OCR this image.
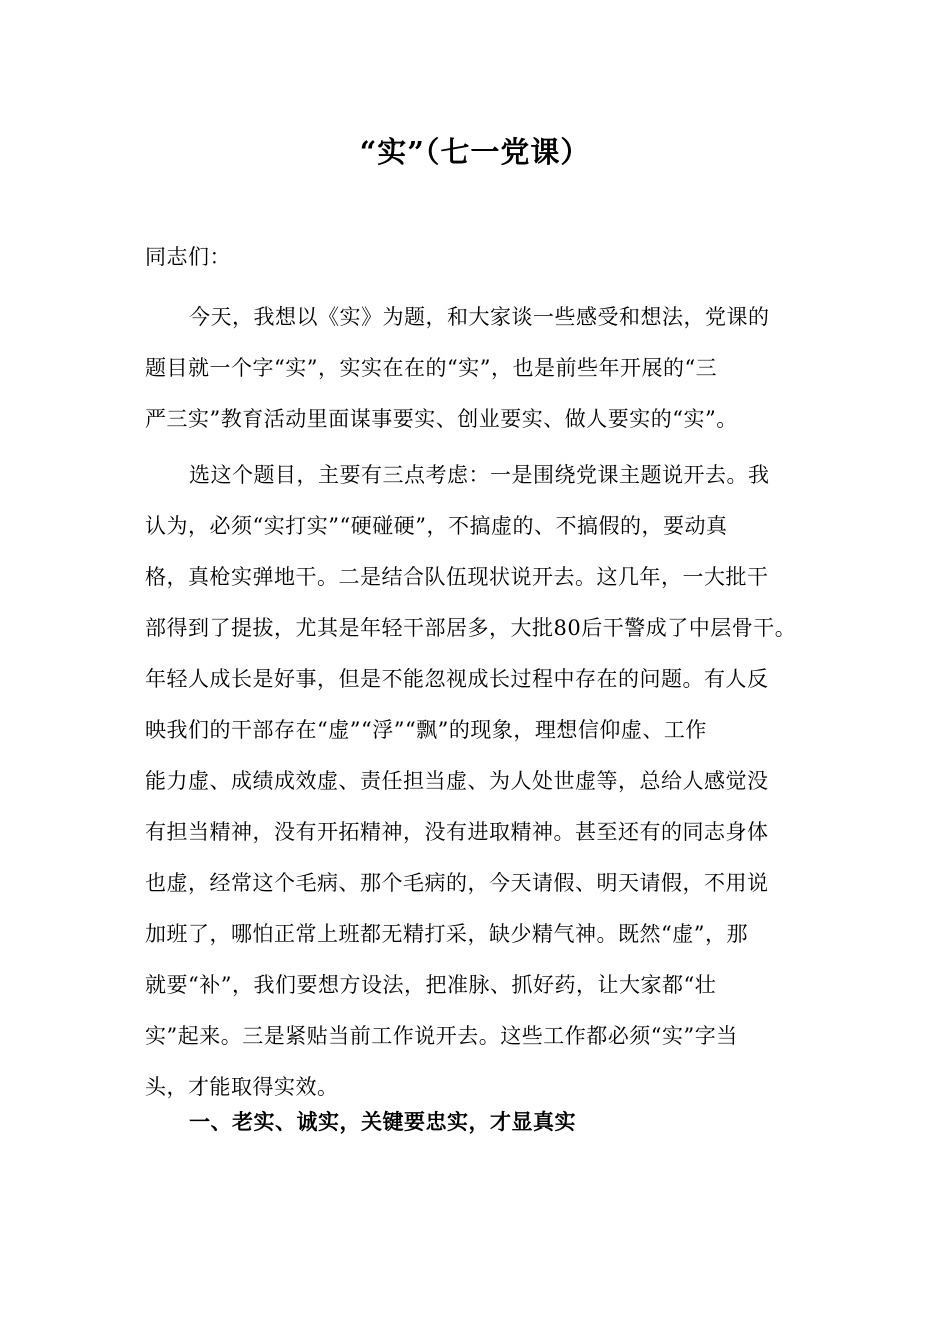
“实”（七一党课）
同志们：
今天，我想以《实》为题，和大家谈一些感受和想法，党课的
题目就一个字“实”，实实在在的“实”，也是前些年开展的“三
严三实”教育活动里面谋事要实、创业要实、做人要实的“实”。
选这个题目，主要有三点考虑：一是围绕党课主题说开去。我
认为，必须“实打实”“硬碰硬”，不搞虚的、不搞假的，要动真
格，真枪实弹地干。二是结合队伍现状说开去。这几年，一大批干
部得到了提拔，尤其是年轻干部居多，大批80后干警成了中层骨干。
年轻人成长是好事，但是不能忽视成长过程中存在的问题。有人反
映我们的干部存在“虚”“浮”“飘”的现象，理想信仰虚、工作
能力虚、成绩成效虚、责任担当虚、为人处世虚等，总给人感觉没
有担当精神，没有开拓精神，没有进取精神。甚至还有的同志身体
也虚，经常这个毛病、那个毛病的，今天请假、明天请假，不用说
加班了，哪怕正常上班都无精打采，缺少精气神。既然“虚”，那
就要“补”，我们要想方设法，把准脉、抓好药，让大家都“壮
实”起来。三是紧贴当前工作说开去。这些工作都必须“实”字当
头，才能取得实效。
一、老实、诚实，关键要忠实，才显真实
